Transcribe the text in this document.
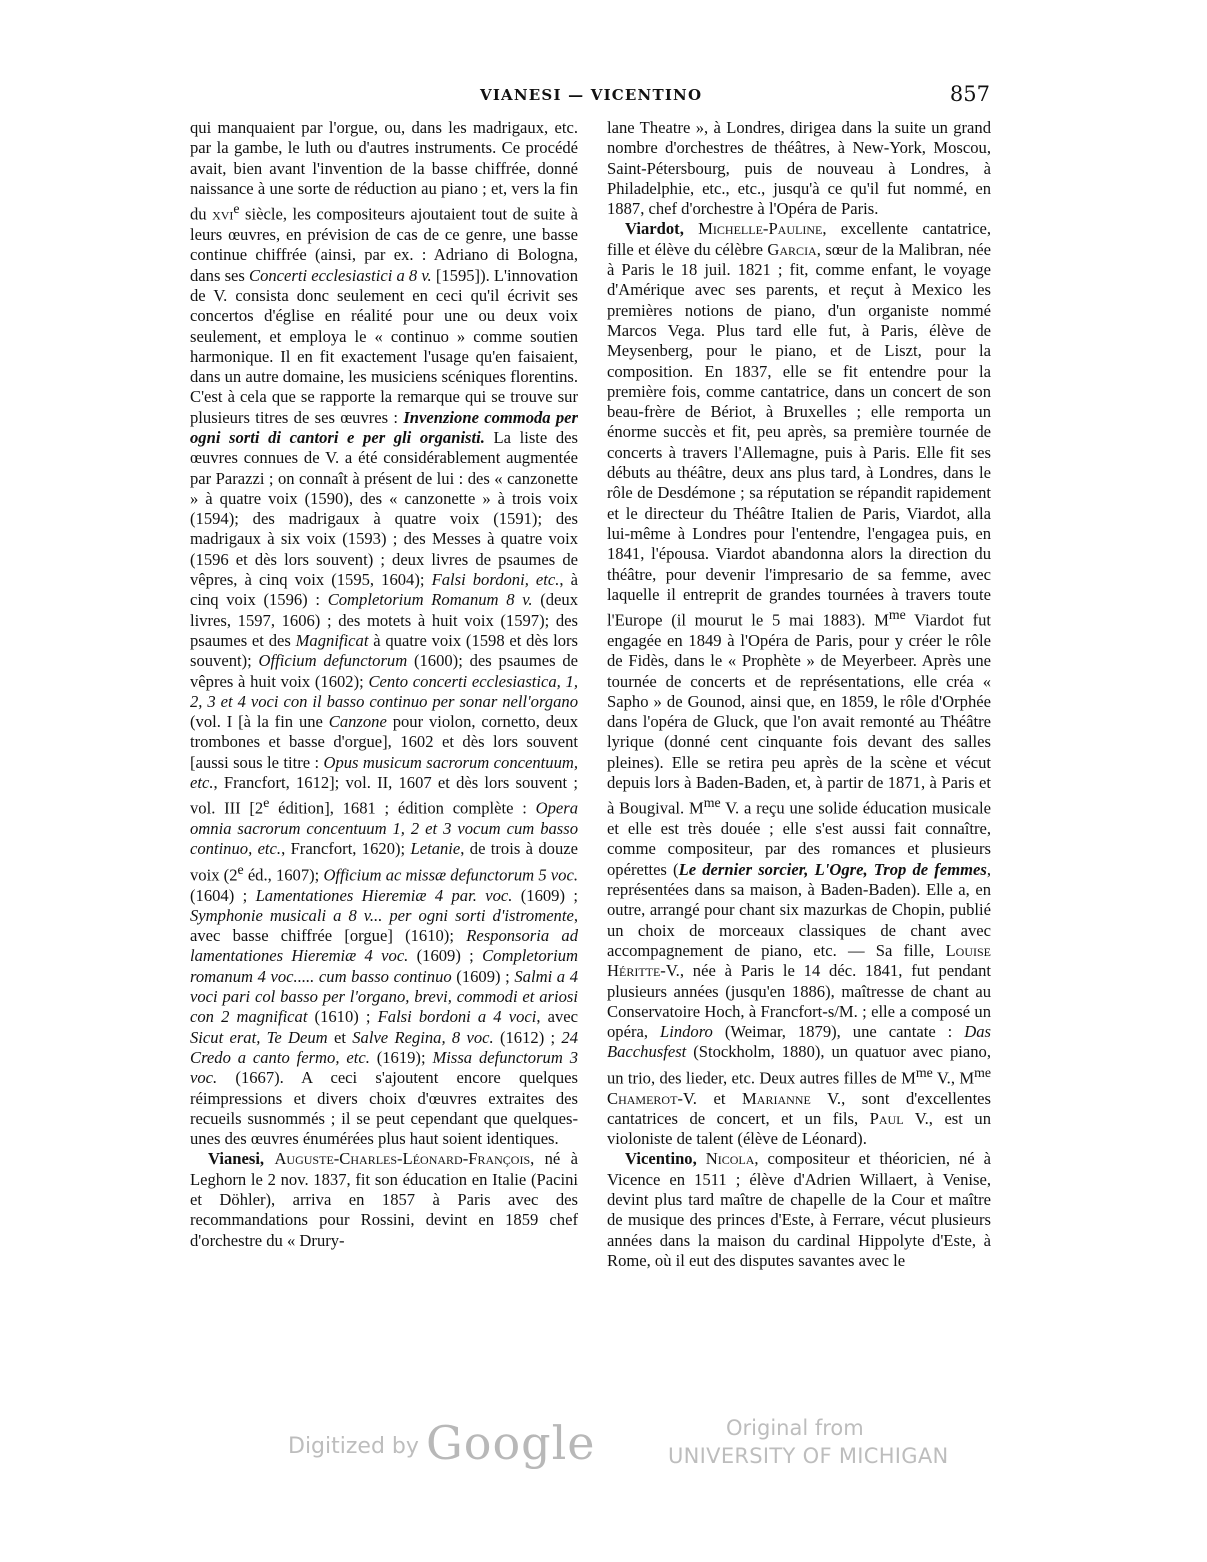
VIANESI — VICENTINO	857

qui manquaient par l'orgue, ou, dans les madrigaux, etc. par la gambe, le luth ou d'autres instruments. Ce procédé avait, bien avant l'invention de la basse chiffrée, donné naissance à une sorte de réduction au piano ; et, vers la fin du xvi$^e$ siècle, les compositeurs ajoutaient tout de suite à leurs œuvres, en prévision de cas de ce genre, une basse continue chiffrée (ainsi, par ex. : Adriano di Bologna, dans ses Concerti ecclesiastici a 8 v. [1595]). L'innovation de V. consista donc seulement en ceci qu'il écrivit ses concertos d'église en réalité pour une ou deux voix seulement, et employa le « continuo » comme soutien harmonique. Il en fit exactement l'usage qu'en faisaient, dans un autre domaine, les musiciens scéniques florentins. C'est à cela que se rapporte la remarque qui se trouve sur plusieurs titres de ses œuvres : Invenzione commoda per ogni sorti di cantori e per gli organisti. La liste des œuvres connues de V. a été considérablement augmentée par Parazzi ; on connaît à présent de lui : des « canzonette » à quatre voix (1590), des « canzonette » à trois voix (1594); des madrigaux à quatre voix (1591); des madrigaux à six voix (1593) ; des Messes à quatre voix (1596 et dès lors souvent) ; deux livres de psaumes de vêpres, à cinq voix (1595, 1604); Falsi bordoni, etc., à cinq voix (1596) : Completorium Romanum 8 v. (deux livres, 1597, 1606) ; des motets à huit voix (1597); des psaumes et des Magnificat à quatre voix (1598 et dès lors souvent); Officium defunctorum (1600); des psaumes de vêpres à huit voix (1602); Cento concerti ecclesiastica, 1, 2, 3 et 4 voci con il basso continuo per sonar nell'organo (vol. I [à la fin une Canzone pour violon, cornetto, deux trombones et basse d'orgue], 1602 et dès lors souvent [aussi sous le titre : Opus musicum sacrorum concentuum, etc., Francfort, 1612]; vol. II, 1607 et dès lors souvent ; vol. III [2e édition], 1681 ; édition complète : Opera omnia sacrorum concentuum 1, 2 et 3 vocum cum basso continuo, etc., Francfort, 1620); Letanie, de trois à douze voix (2e éd., 1607); Officium ac missæ defunctorum 5 voc. (1604) ; Lamentationes Hieremiæ 4 par. voc. (1609) ; Symphonie musicali a 8 v... per ogni sorti d'istromente, avec basse chiffrée [orgue] (1610); Responsoria ad lamentationes Hieremiæ 4 voc. (1609) ; Completorium romanum 4 voc..... cum basso continuo (1609) ; Salmi a 4 voci pari col basso per l'organo, brevi, commodi et ariosi con 2 magnificat (1610) ; Falsi bordoni a 4 voci, avec Sicut erat, Te Deum et Salve Regina, 8 voc. (1612) ; 24 Credo a canto fermo, etc. (1619); Missa defunctorum 3 voc. (1667). A ceci s'ajoutent encore quelques réimpressions et divers choix d'œuvres extraites des recueils susnommés ; il se peut cependant que quelques-unes des œuvres énumérées plus haut soient identiques.

Vianesi, Auguste-Charles-Léonard-François, né à Leghorn le 2 nov. 1837, fit son éducation en Italie (Pacini et Döhler), arriva en 1857 à Paris avec des recommandations pour Rossini, devint en 1859 chef d'orchestre du « Drury-

lane Theatre », à Londres, dirigea dans la suite un grand nombre d'orchestres de théâtres, à New-York, Moscou, Saint-Pétersbourg, puis de nouveau à Londres, à Philadelphie, etc., etc., jusqu'à ce qu'il fut nommé, en 1887, chef d'orchestre à l'Opéra de Paris.

Viardot, Michelle-Pauline, excellente cantatrice, fille et élève du célèbre Garcia, sœur de la Malibran, née à Paris le 18 juil. 1821 ; fit, comme enfant, le voyage d'Amérique avec ses parents, et reçut à Mexico les premières notions de piano, d'un organiste nommé Marcos Vega. Plus tard elle fut, à Paris, élève de Meysenberg, pour le piano, et de Liszt, pour la composition. En 1837, elle se fit entendre pour la première fois, comme cantatrice, dans un concert de son beau-frère de Bériot, à Bruxelles ; elle remporta un énorme succès et fit, peu après, sa première tournée de concerts à travers l'Allemagne, puis à Paris. Elle fit ses débuts au théâtre, deux ans plus tard, à Londres, dans le rôle de Desdémone ; sa réputation se répandit rapidement et le directeur du Théâtre Italien de Paris, Viardot, alla lui-même à Londres pour l'entendre, l'engagea puis, en 1841, l'épousa. Viardot abandonna alors la direction du théâtre, pour devenir l'impresario de sa femme, avec laquelle il entreprit de grandes tournées à travers toute l'Europe (il mourut le 5 mai 1883). $M^{me}$ Viardot fut engagée en 1849 à l'Opéra de Paris, pour y créer le rôle de Fidès, dans le « Prophète » de Meyerbeer. Après une tournée de concerts et de représentations, elle créa « Sapho » de Gounod, ainsi que, en 1859, le rôle d'Orphée dans l'opéra de Gluck, que l'on avait remonté au Théâtre lyrique (donné cent cinquante fois devant des salles pleines). Elle se retira peu après de la scène et vécut depuis lors à Baden-Baden, et, à partir de 1871, à Paris et à Bougival. $M^{me}$ V. a reçu une solide éducation musicale et elle est très douée ; elle s'est aussi fait connaître, comme compositeur, par des romances et plusieurs opérettes (Le dernier sorcier, L'Ogre, Trop de femmes, représentées dans sa maison, à Baden-Baden). Elle a, en outre, arrangé pour chant six mazurkas de Chopin, publié un choix de morceaux classiques de chant avec accompagnement de piano, etc. — Sa fille, Louise Héritte-V., née à Paris le 14 déc. 1841, fut pendant plusieurs années (jusqu'en 1886), maîtresse de chant au Conservatoire Hoch, à Francfort-s/M. ; elle a composé un opéra, Lindoro (Weimar, 1879), une cantate : Das Bacchusfest (Stockholm, 1880), un quatuor avec piano, un trio, des lieder, etc. Deux autres filles de $M^{me}$ V., $M^{me}$ Chamerot-V. et Marianne V., sont d'excellentes cantatrices de concert, et un fils, Paul V., est un violoniste de talent (élève de Léonard).

Vicentino, Nicola, compositeur et théoricien, né à Vicence en 1511 ; élève d'Adrien Willaert, à Venise, devint plus tard maître de chapelle de la Cour et maître de musique des princes d'Este, à Ferrare, vécut plusieurs années dans la maison du cardinal Hippolyte d'Este, à Rome, où il eut des disputes savantes avec le

Digitized by Google	Original from
UNIVERSITY OF MICHIGAN
